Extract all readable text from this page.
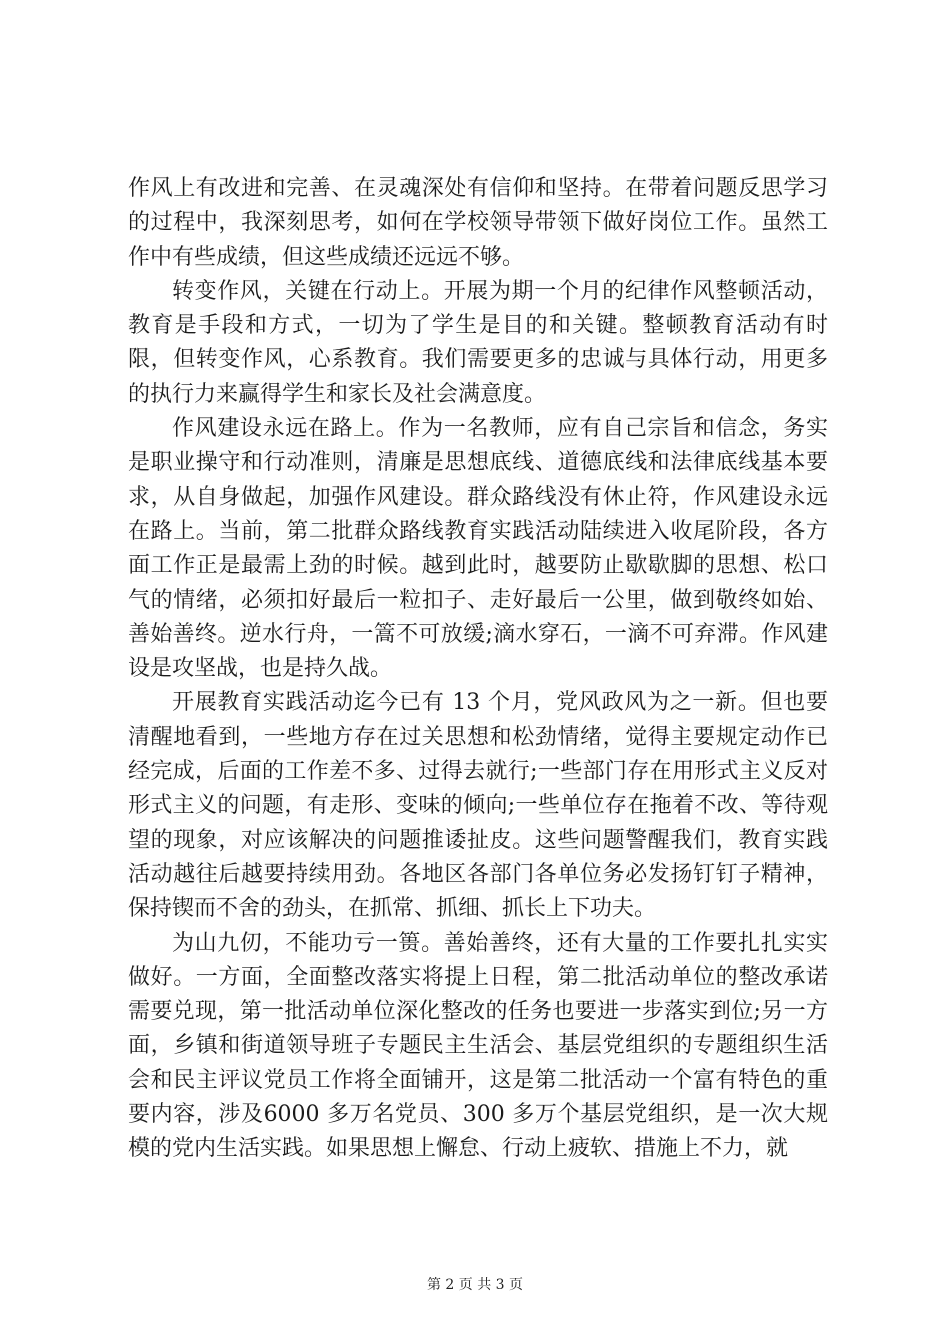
作风上有改进和完善、在灵魂深处有信仰和坚持。在带着问题反思学习的过程中，我深刻思考，如何在学校领导带领下做好岗位工作。虽然工作中有些成绩，但这些成绩还远远不够。

转变作风，关键在行动上。开展为期一个月的纪律作风整顿活动，教育是手段和方式，一切为了学生是目的和关键。整顿教育活动有时限，但转变作风，心系教育。我们需要更多的忠诚与具体行动，用更多的执行力来赢得学生和家长及社会满意度。

作风建设永远在路上。作为一名教师，应有自己宗旨和信念，务实是职业操守和行动准则，清廉是思想底线、道德底线和法律底线基本要求，从自身做起，加强作风建设。群众路线没有休止符，作风建设永远在路上。当前，第二批群众路线教育实践活动陆续进入收尾阶段，各方面工作正是最需上劲的时候。越到此时，越要防止歇歇脚的思想、松口气的情绪，必须扣好最后一粒扣子、走好最后一公里，做到敬终如始、善始善终。逆水行舟，一篙不可放缓;滴水穿石，一滴不可弃滞。作风建设是攻坚战，也是持久战。

开展教育实践活动迄今已有 13 个月，党风政风为之一新。但也要清醒地看到，一些地方存在过关思想和松劲情绪，觉得主要规定动作已经完成，后面的工作差不多、过得去就行;一些部门存在用形式主义反对形式主义的问题，有走形、变味的倾向;一些单位存在拖着不改、等待观望的现象，对应该解决的问题推诿扯皮。这些问题警醒我们，教育实践活动越往后越要持续用劲。各地区各部门各单位务必发扬钉钉子精神，保持锲而不舍的劲头，在抓常、抓细、抓长上下功夫。

为山九仞，不能功亏一篑。善始善终，还有大量的工作要扎扎实实做好。一方面，全面整改落实将提上日程，第二批活动单位的整改承诺需要兑现，第一批活动单位深化整改的任务也要进一步落实到位;另一方面，乡镇和街道领导班子专题民主生活会、基层党组织的专题组织生活会和民主评议党员工作将全面铺开，这是第二批活动一个富有特色的重要内容，涉及6000 多万名党员、300 多万个基层党组织，是一次大规模的党内生活实践。如果思想上懈怠、行动上疲软、措施上不力，就

第 2 页 共 3 页
